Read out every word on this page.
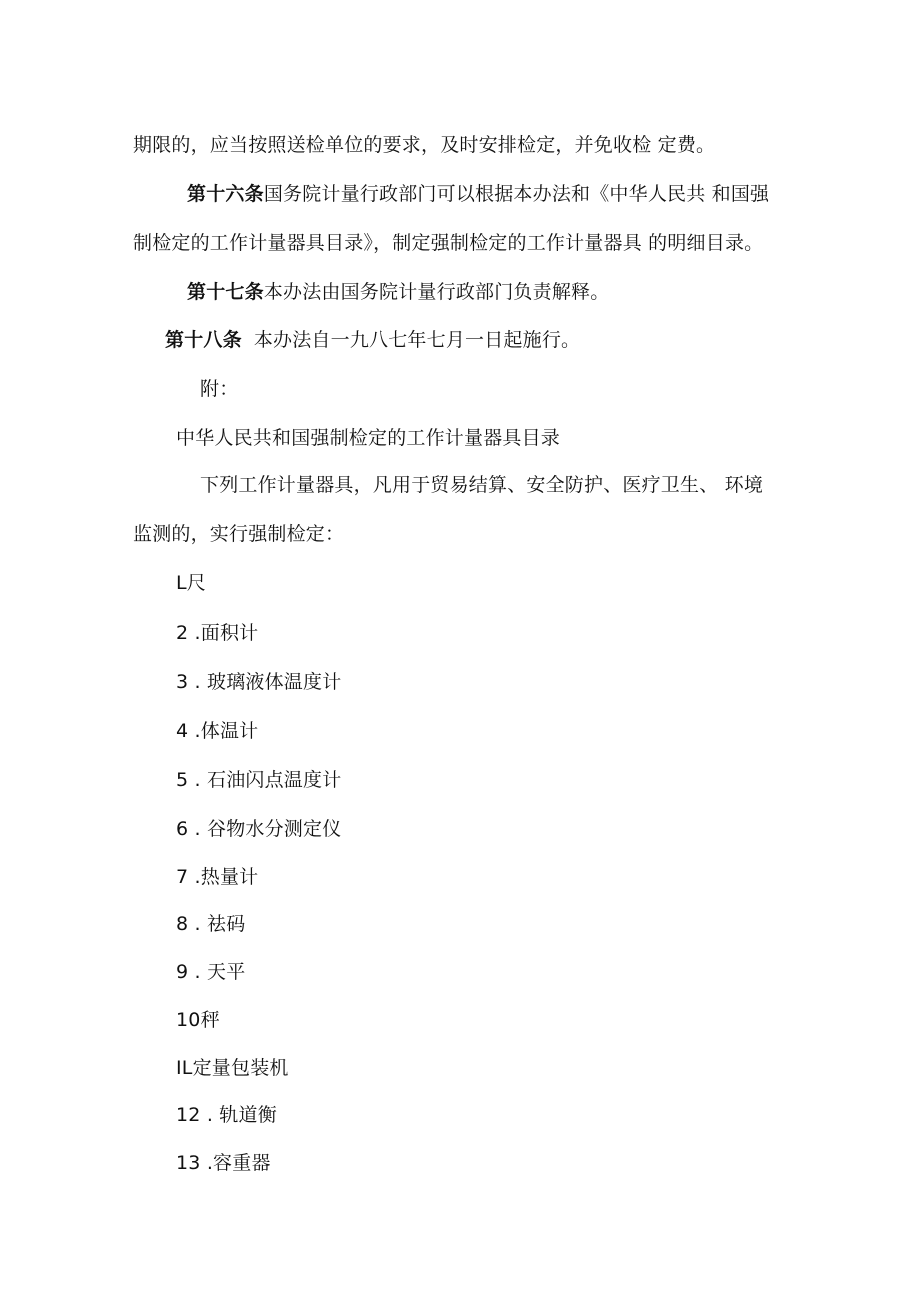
期限的，应当按照送检单位的要求，及时安排检定，并免收检 定费。
第十六条国务院计量行政部门可以根据本办法和《中华人民共 和国强
制检定的工作计量器具目录》，制定强制检定的工作计量器具 的明细目录。
第十七条本办法由国务院计量行政部门负责解释。
第十八条 本办法自一九八七年七月一日起施行。
附：
中华人民共和国强制检定的工作计量器具目录
下列工作计量器具，凡用于贸易结算、安全防护、医疗卫生、 环境
监测的，实行强制检定：
L尺
2 .面积计
3 . 玻璃液体温度计
4 .体温计
5 . 石油闪点温度计
6 . 谷物水分测定仪
7 .热量计
8 . 祛码
9 . 天平
10秤
IL定量包装机
12 . 轨道衡
13 .容重器
